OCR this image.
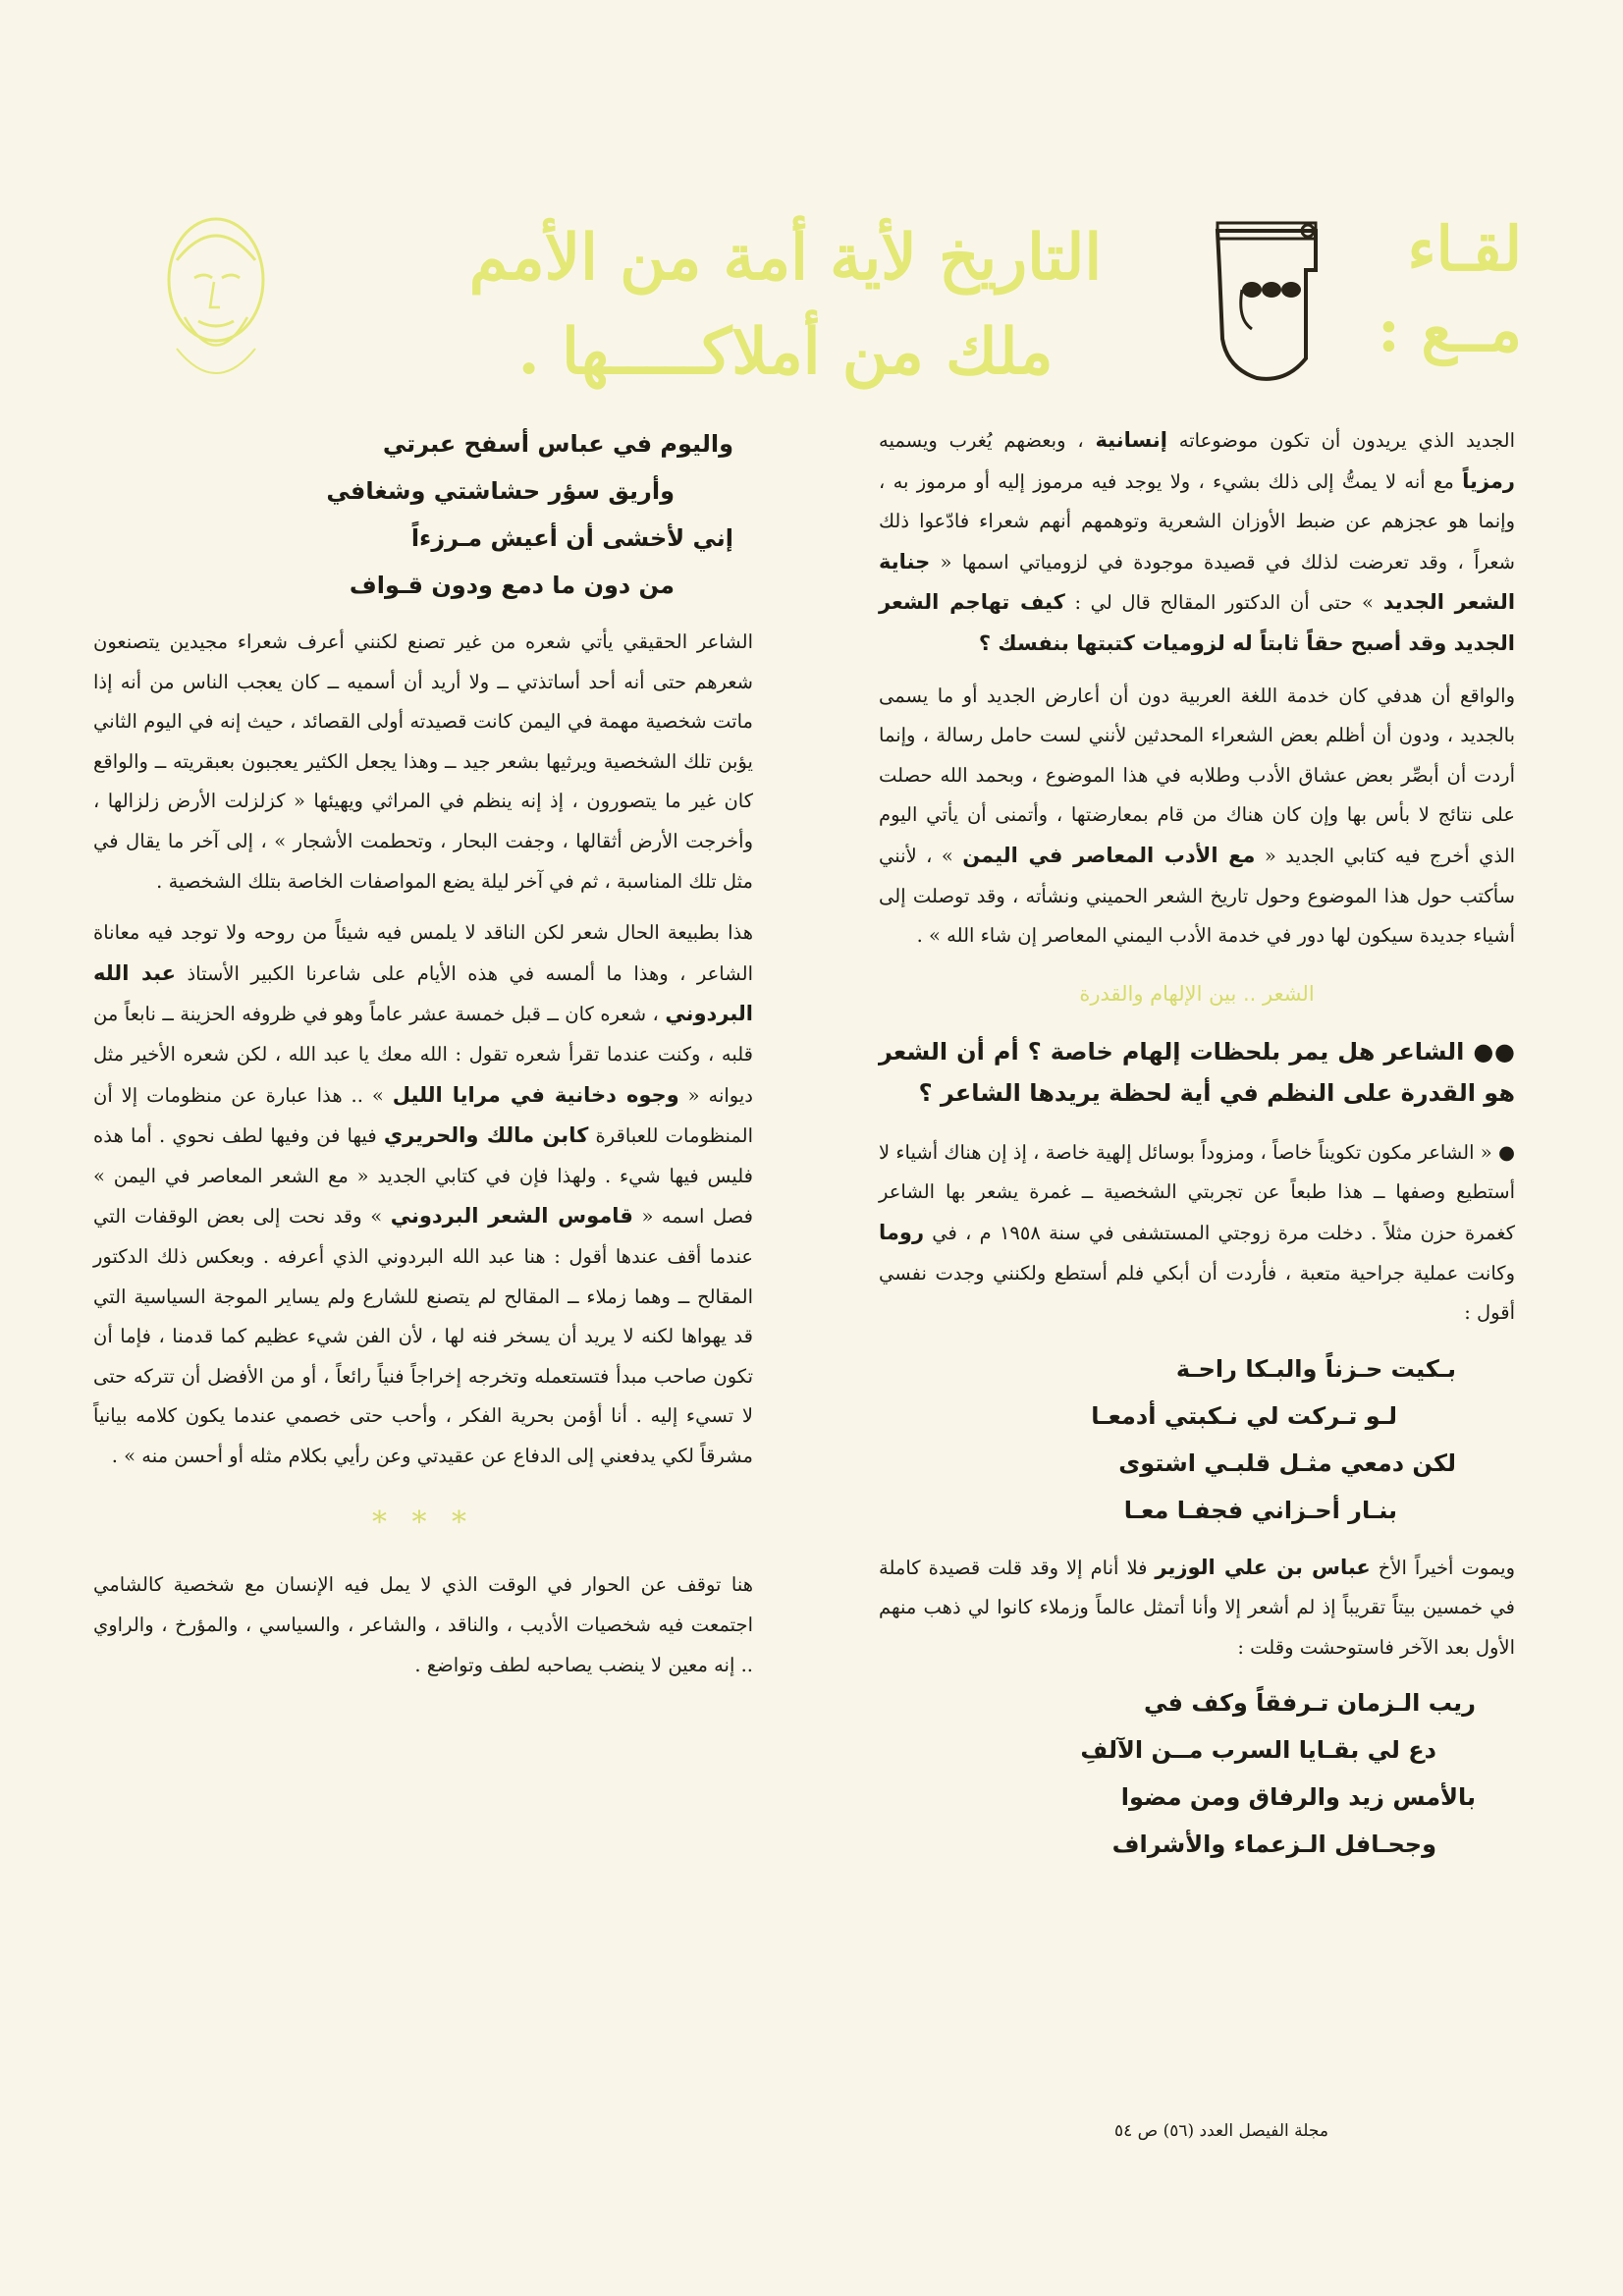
لقـاء
مــع :
التاريخ لأية أمة من الأمم
ملك من أملاكـــــها .

الجديد الذي يريدون أن تكون موضوعاته إنسانية ، وبعضهم يُغرب ويسميه رمزياً مع أنه لا يمتُّ إلى ذلك بشيء ، ولا يوجد فيه مرموز إليه أو مرموز به ، وإنما هو عجزهم عن ضبط الأوزان الشعرية وتوهمهم أنهم شعراء فادّعوا ذلك شعراً ، وقد تعرضت لذلك في قصيدة موجودة في لزومياتي اسمها « جناية الشعر الجديد » حتى أن الدكتور المقالح قال لي : كيف تهاجم الشعر الجديد وقد أصبح حقاً ثابتاً له لزوميات كتبتها بنفسك ؟

والواقع أن هدفي كان خدمة اللغة العربية دون أن أعارض الجديد أو ما يسمى بالجديد ، ودون أن أظلم بعض الشعراء المحدثين لأنني لست حامل رسالة ، وإنما أردت أن أبصِّر بعض عشاق الأدب وطلابه في هذا الموضوع ، وبحمد الله حصلت على نتائج لا بأس بها وإن كان هناك من قام بمعارضتها ، وأتمنى أن يأتي اليوم الذي أخرج فيه كتابي الجديد « مع الأدب المعاصر في اليمن » ، لأنني سأكتب حول هذا الموضوع وحول تاريخ الشعر الحميني ونشأته ، وقد توصلت إلى أشياء جديدة سيكون لها دور في خدمة الأدب اليمني المعاصر إن شاء الله » .

الشعر .. بين الإلهام والقدرة

●● الشاعر هل يمر بلحظات إلهام خاصة ؟ أم أن الشعر هو القدرة على النظم في أية لحظة يريدها الشاعر ؟

● « الشاعر مكون تكويناً خاصاً ، ومزوداً بوسائل إلهية خاصة ، إذ إن هناك أشياء لا أستطيع وصفها ــ هذا طبعاً عن تجربتي الشخصية ــ غمرة يشعر بها الشاعر كغمرة حزن مثلاً . دخلت مرة زوجتي المستشفى في سنة ١٩٥٨ م ، في روما وكانت عملية جراحية متعبة ، فأردت أن أبكي فلم أستطع ولكنني وجدت نفسي أقول :

بـكيت حـزناً والبـكا راحـة

لـو تـركت لي نـكبتي أدمعـا

لكن دمعي مثـل قلبـي اشتوى

بنـار أحـزاني فجفـا معـا

ويموت أخيراً الأخ عباس بن علي الوزير فلا أنام إلا وقد قلت قصيدة كاملة في خمسين بيتاً تقريباً إذ لم أشعر إلا وأنا أتمثل عالماً وزملاء كانوا لي ذهب منهم الأول بعد الآخر فاستوحشت وقلت :

ريب الـزمان تـرفقاً وكف في

دع لي بقـايا السرب مــن الآلفِ

بالأمس زيد والرفاق ومن مضوا

وجحـافل الـزعماء والأشراف

واليوم في عباس أسفح عبرتي

وأريق سؤر حشاشتي وشغافي

إني لأخشى أن أعيش مـرزءاً

من دون ما دمع ودون قـواف

الشاعر الحقيقي يأتي شعره من غير تصنع لكنني أعرف شعراء مجيدين يتصنعون شعرهم حتى أنه أحد أساتذتي ــ ولا أريد أن أسميه ــ كان يعجب الناس من أنه إذا ماتت شخصية مهمة في اليمن كانت قصيدته أولى القصائد ، حيث إنه في اليوم الثاني يؤبن تلك الشخصية ويرثيها بشعر جيد ــ وهذا يجعل الكثير يعجبون بعبقريته ــ والواقع كان غير ما يتصورون ، إذ إنه ينظم في المراثي ويهيئها « كزلزلت الأرض زلزالها ، وأخرجت الأرض أثقالها ، وجفت البحار ، وتحطمت الأشجار » ، إلى آخر ما يقال في مثل تلك المناسبة ، ثم في آخر ليلة يضع المواصفات الخاصة بتلك الشخصية .

هذا بطبيعة الحال شعر لكن الناقد لا يلمس فيه شيئاً من روحه ولا توجد فيه معاناة الشاعر ، وهذا ما ألمسه في هذه الأيام على شاعرنا الكبير الأستاذ عبد الله البردوني ، شعره كان ــ قبل خمسة عشر عاماً وهو في ظروفه الحزينة ــ نابعاً من قلبه ، وكنت عندما تقرأ شعره تقول : الله معك يا عبد الله ، لكن شعره الأخير مثل ديوانه « وجوه دخانية في مرايا الليل » .. هذا عبارة عن منظومات إلا أن المنظومات للعباقرة كابن مالك والحريري فيها فن وفيها لطف نحوي . أما هذه فليس فيها شيء . ولهذا فإن في كتابي الجديد « مع الشعر المعاصر في اليمن » فصل اسمه « قاموس الشعر البردوني » وقد نحت إلى بعض الوقفات التي عندما أقف عندها أقول : هنا عبد الله البردوني الذي أعرفه . وبعكس ذلك الدكتور المقالح ــ وهما زملاء ــ المقالح لم يتصنع للشارع ولم يساير الموجة السياسية التي قد يهواها لكنه لا يريد أن يسخر فنه لها ، لأن الفن شيء عظيم كما قدمنا ، فإما أن تكون صاحب مبدأ فتستعمله وتخرجه إخراجاً فنياً رائعاً ، أو من الأفضل أن تتركه حتى لا تسيء إليه . أنا أؤمن بحرية الفكر ، وأحب حتى خصمي عندما يكون كلامه بيانياً مشرقاً لكي يدفعني إلى الدفاع عن عقيدتي وعن رأيي بكلام مثله أو أحسن منه » .

* * *

هنا توقف عن الحوار في الوقت الذي لا يمل فيه الإنسان مع شخصية كالشامي اجتمعت فيه شخصيات الأديب ، والناقد ، والشاعر ، والسياسي ، والمؤرخ ، والراوي .. إنه معين لا ينضب يصاحبه لطف وتواضع .

مجلة الفيصل العدد (٥٦) ص ٥٤
